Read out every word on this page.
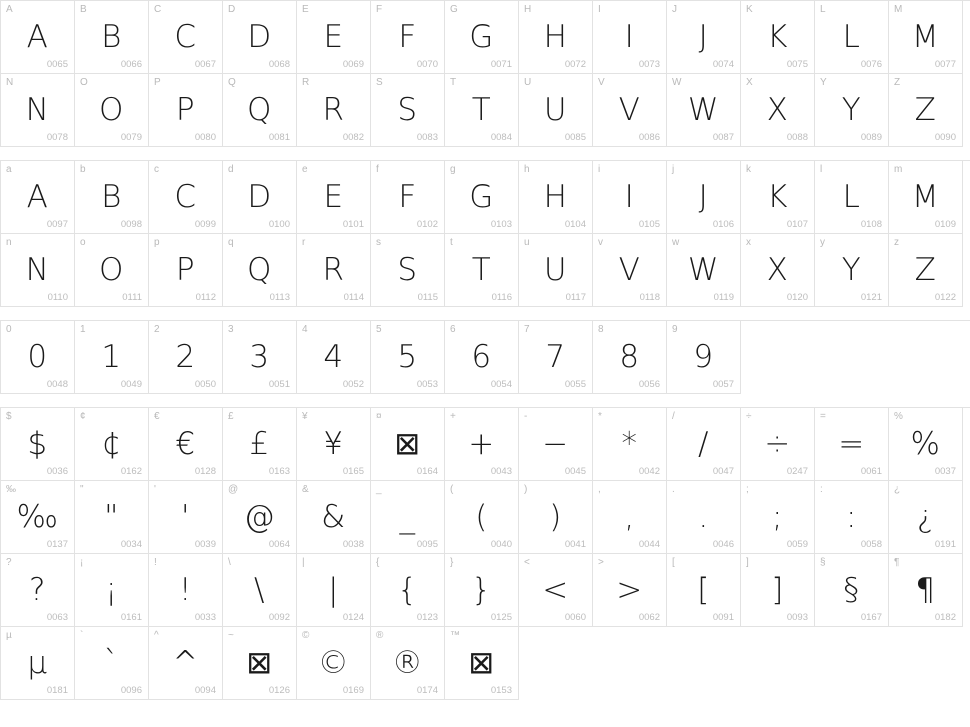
A
A
0065
B
B
0066
C
C
0067
D
D
0068
E
E
0069
F
F
0070
G
G
0071
H
H
0072
I
I
0073
J
J
0074
K
K
0075
L
L
0076
M
M
0077
N
N
0078
O
O
0079
P
P
0080
Q
Q
0081
R
R
0082
S
S
0083
T
T
0084
U
U
0085
V
V
0086
W
W
0087
X
X
0088
Y
Y
0089
Z
Z
0090
a
A
0097
b
B
0098
c
C
0099
d
D
0100
e
E
0101
f
F
0102
g
G
0103
h
H
0104
i
I
0105
j
J
0106
k
K
0107
l
L
0108
m
M
0109
n
N
0110
o
O
0111
p
P
0112
q
Q
0113
r
R
0114
s
S
0115
t
T
0116
u
U
0117
v
V
0118
w
W
0119
x
X
0120
y
Y
0121
z
Z
0122
0
0
0048
1
1
0049
2
2
0050
3
3
0051
4
4
0052
5
5
0053
6
6
0054
7
7
0055
8
8
0056
9
9
0057
$
$
0036
¢
¢
0162
€
€
0128
£
£
0163
¥
¥
0165
¤
⊠
0164
+
+
0043
-
−
0045
*
*
0042
/
/
0047
÷
÷
0247
=
=
0061
%
%
0037
‰
‰
0137
"
"
0034
'
'
0039
@
@
0064
&
&
0038
_
_
0095
(
(
0040
)
)
0041
,
,
0044
.
.
0046
;
;
0059
:
:
0058
¿
¿
0191
?
?
0063
¡
¡
0161
!
!
0033
\
\
0092
|
|
0124
{
{
0123
}
}
0125
<
<
0060
>
>
0062
[
[
0091
]
]
0093
§
§
0167
¶
¶
0182
µ
μ
0181
`
`
0096
^
^
0094
~
⊠
0126
©
©
0169
®
®
0174
™
⊠
0153
